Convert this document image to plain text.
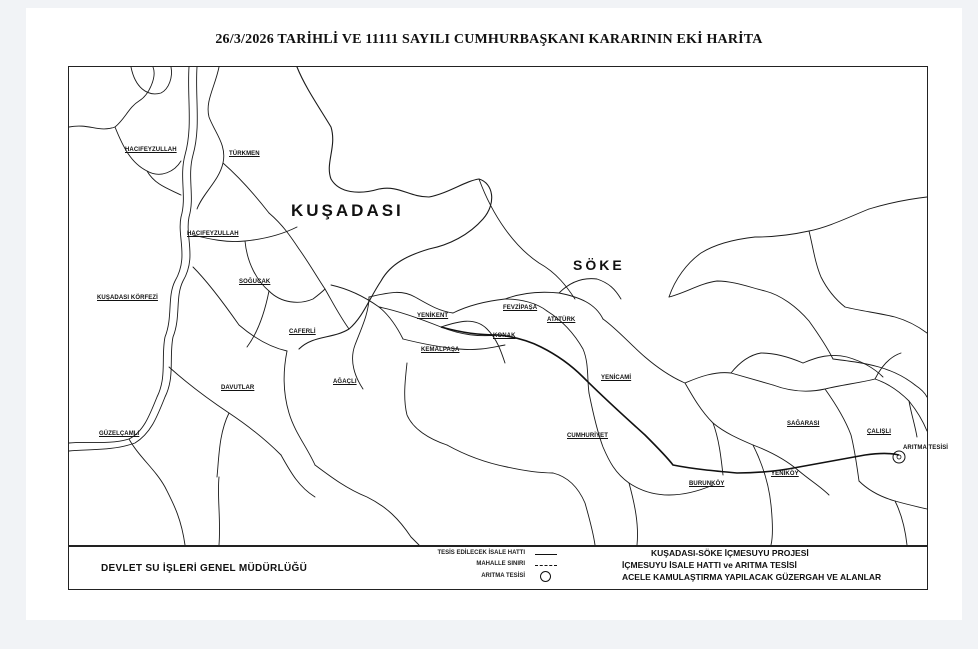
26/3/2026 TARİHLİ VE 11111 SAYILI CUMHURBAŞKANI KARARININ EKİ HARİTA
KUŞADASI
SÖKE
HACIFEYZULLAH
TÜRKMEN
HACIFEYZULLAH
KUŞADASI KÖRFEZİ
SOĞUCAK
CAFERLİ
DAVUTLAR
GÜZELÇAMLI
AĞAÇLI
YENİKENT
KEMALPAŞA
KONAK
FEVZİPAŞA
ATATÜRK
YENİCAMİ
CUMHURİYET
BURUNKÖY
YENİKÖY
SAĞARASI
ÇALIŞLI
ARITMA TESİSİ
DEVLET SU İŞLERİ GENEL MÜDÜRLÜĞÜ
TESİS EDİLECEK İSALE HATTI
MAHALLE SINIRI
ARITMA TESİSİ
KUŞADASI-SÖKE İÇMESUYU PROJESİ
İÇMESUYU İSALE HATTI ve ARITMA TESİSİ
ACELE KAMULAŞTIRMA YAPILACAK GÜZERGAH VE ALANLAR
